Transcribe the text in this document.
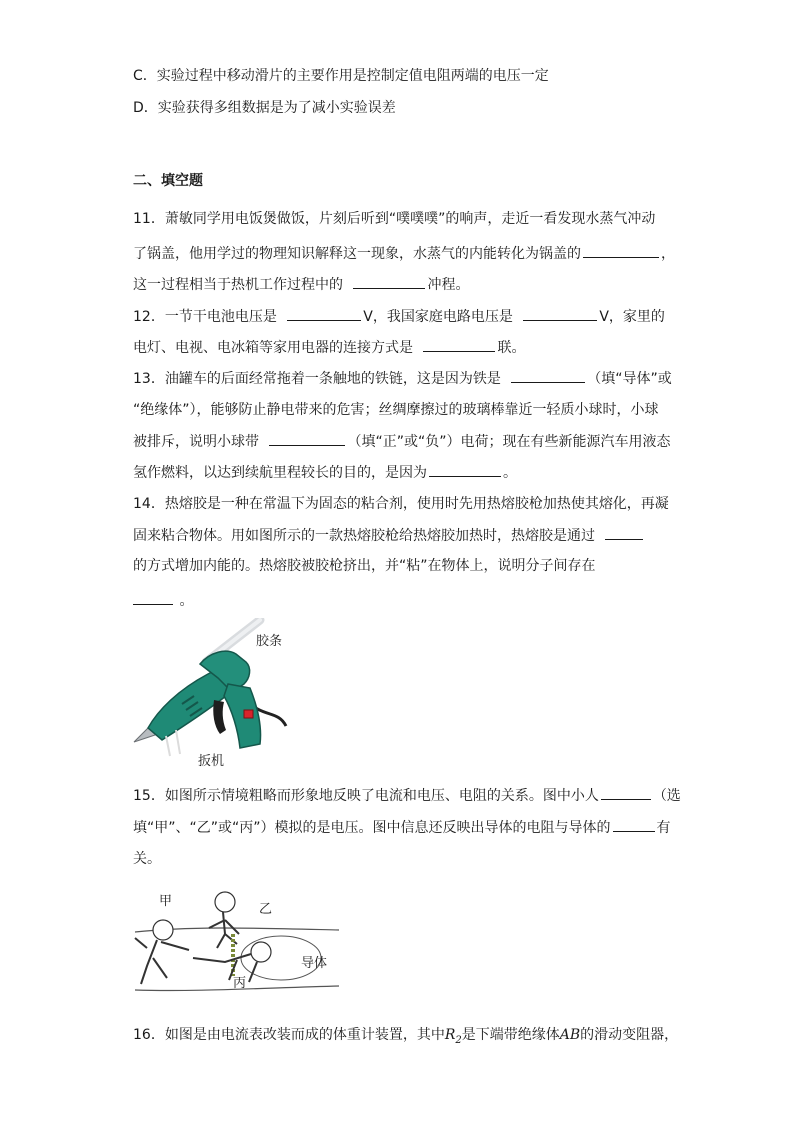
C．实验过程中移动滑片的主要作用是控制定值电阻两端的电压一定
D．实验获得多组数据是为了减小实验误差
二、填空题
11．萧敏同学用电饭煲做饭，片刻后听到“噗噗噗”的响声，走近一看发现水蒸气冲动
了锅盖，他用学过的物理知识解释这一现象，水蒸气的内能转化为锅盖的	，
这一过程相当于热机工作过程中的	冲程。
12．一节干电池电压是	V，我国家庭电路电压是	V，家里的
电灯、电视、电冰箱等家用电器的连接方式是	联。
13．油罐车的后面经常拖着一条触地的铁链，这是因为铁是	（填“导体”或
“绝缘体”），能够防止静电带来的危害；丝绸摩擦过的玻璃棒靠近一轻质小球时，小球
被排斥，说明小球带	（填“正”或“负”）电荷；现在有些新能源汽车用液态
氢作燃料，以达到续航里程较长的目的，是因为	。
14．热熔胶是一种在常温下为固态的粘合剂，使用时先用热熔胶枪加热使其熔化，再凝
固来粘合物体。用如图所示的一款热熔胶枪给热熔胶加热时，热熔胶是通过
的方式增加内能的。热熔胶被胶枪挤出，并“粘”在物体上，说明分子间存在
。
胶条
扳机
15．如图所示情境粗略而形象地反映了电流和电压、电阻的关系。图中小人	（选
填“甲”、“乙”或“丙”）模拟的是电压。图中信息还反映出导体的电阻与导体的	有
关。
甲
乙
丙
导体
16．如图是由电流表改装而成的体重计装置，其中$R_2$是下端带绝缘体AB的滑动变阻器，
